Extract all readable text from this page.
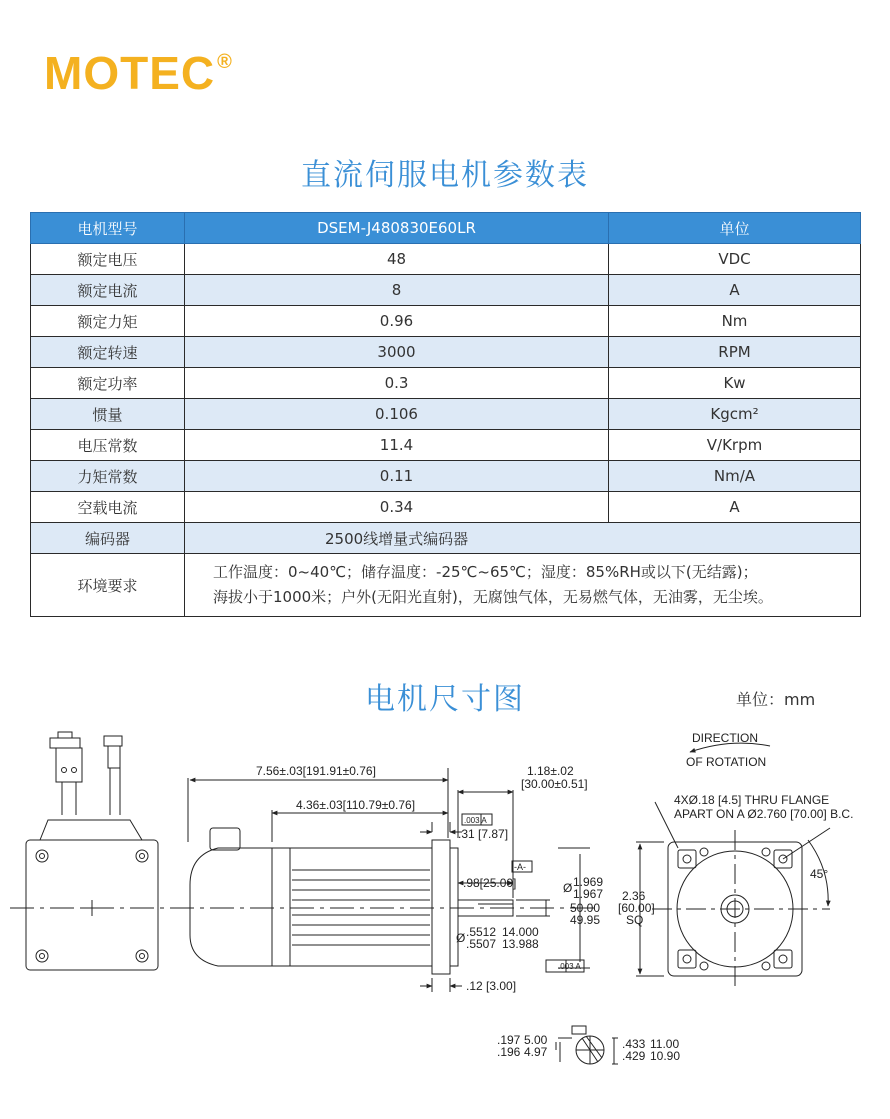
MOTEC ®
直流伺服电机参数表
电机型号	DSEM-J480830E60LR	单位
额定电压	48	VDC
额定电流	8	A
额定力矩	0.96	Nm
额定转速	3000	RPM
额定功率	0.3	Kw
惯量	0.106	Kgcm²
电压常数	11.4	V/Krpm
力矩常数	0.11	Nm/A
空载电流	0.34	A
编码器	2500线增量式编码器	
环境要求	工作温度：0~40℃；储存温度：-25℃~65℃；湿度：85%RH或以下(无结露)；
海拔小于1000米；户外(无阳光直射)，无腐蚀气体，无易燃气体，无油雾，无尘埃。	
电机尺寸图	单位：mm
7.56±.03[191.91±0.76]	1.18±.02
[30.00±0.51]
4.36±.03[110.79±0.76]
.003 A
.31 [7.87]
-A-
.98[25.00]	Ø 1.969
1.967
50.00
49.95
Ø .5512
.5507
14.000
13.988
.003 A
.12 [3.00]
DIRECTION
OF ROTATION
4XØ.18 [4.5] THRU FLANGE
APART ON A Ø2.760 [70.00] B.C.
2.36
[60.00]
SQ
45°
.197
.196
5.00
4.97
.433
.429
11.00
10.90
